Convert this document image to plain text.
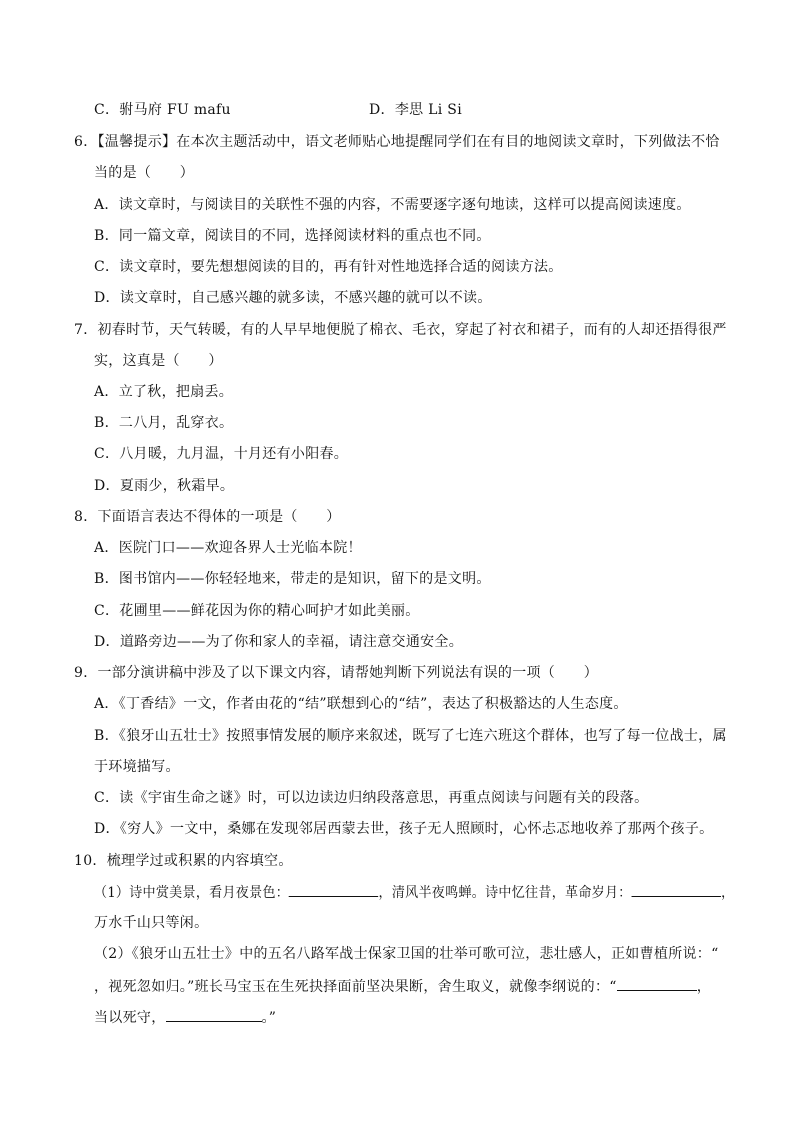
C．驸马府 FU mafu	D．李思 Li Si
6．【温馨提示】在本次主题活动中，语文老师贴心地提醒同学们在有目的地阅读文章时，下列做法不恰
当的是（　　）
A．读文章时，与阅读目的关联性不强的内容，不需要逐字逐句地读，这样可以提高阅读速度。
B．同一篇文章，阅读目的不同，选择阅读材料的重点也不同。
C．读文章时，要先想想阅读的目的，再有针对性地选择合适的阅读方法。
D．读文章时，自己感兴趣的就多读，不感兴趣的就可以不读。
7．初春时节，天气转暖，有的人早早地便脱了棉衣、毛衣，穿起了衬衣和裙子，而有的人却还捂得很严
实，这真是（　　）
A．立了秋，把扇丢。
B．二八月，乱穿衣。
C．八月暖，九月温，十月还有小阳春。
D．夏雨少，秋霜早。
8．下面语言表达不得体的一项是（　　）
A．医院门口——欢迎各界人士光临本院！
B．图书馆内——你轻轻地来，带走的是知识，留下的是文明。
C．花圃里——鲜花因为你的精心呵护才如此美丽。
D．道路旁边——为了你和家人的幸福，请注意交通安全。
9．一部分演讲稿中涉及了以下课文内容，请帮她判断下列说法有误的一项（　　）
A．《丁香结》一文，作者由花的“结”联想到心的“结”，表达了积极豁达的人生态度。
B．《狼牙山五壮士》按照事情发展的顺序来叙述，既写了七连六班这个群体，也写了每一位战士，属
于环境描写。
C．读《宇宙生命之谜》时，可以边读边归纳段落意思，再重点阅读与问题有关的段落。
D．《穷人》一文中，桑娜在发现邻居西蒙去世，孩子无人照顾时，心怀忐忑地收养了那两个孩子。
10．梳理学过或积累的内容填空。
（1）诗中赏美景，看月夜景色：	，清风半夜鸣蝉。诗中忆往昔，革命岁月：	，
万水千山只等闲。
（2）《狼牙山五壮士》中的五名八路军战士保家卫国的壮举可歌可泣，悲壮感人，正如曹植所说：“
，视死忽如归。”班长马宝玉在生死抉择面前坚决果断，舍生取义，就像李纲说的：“	，
当以死守，	。”
